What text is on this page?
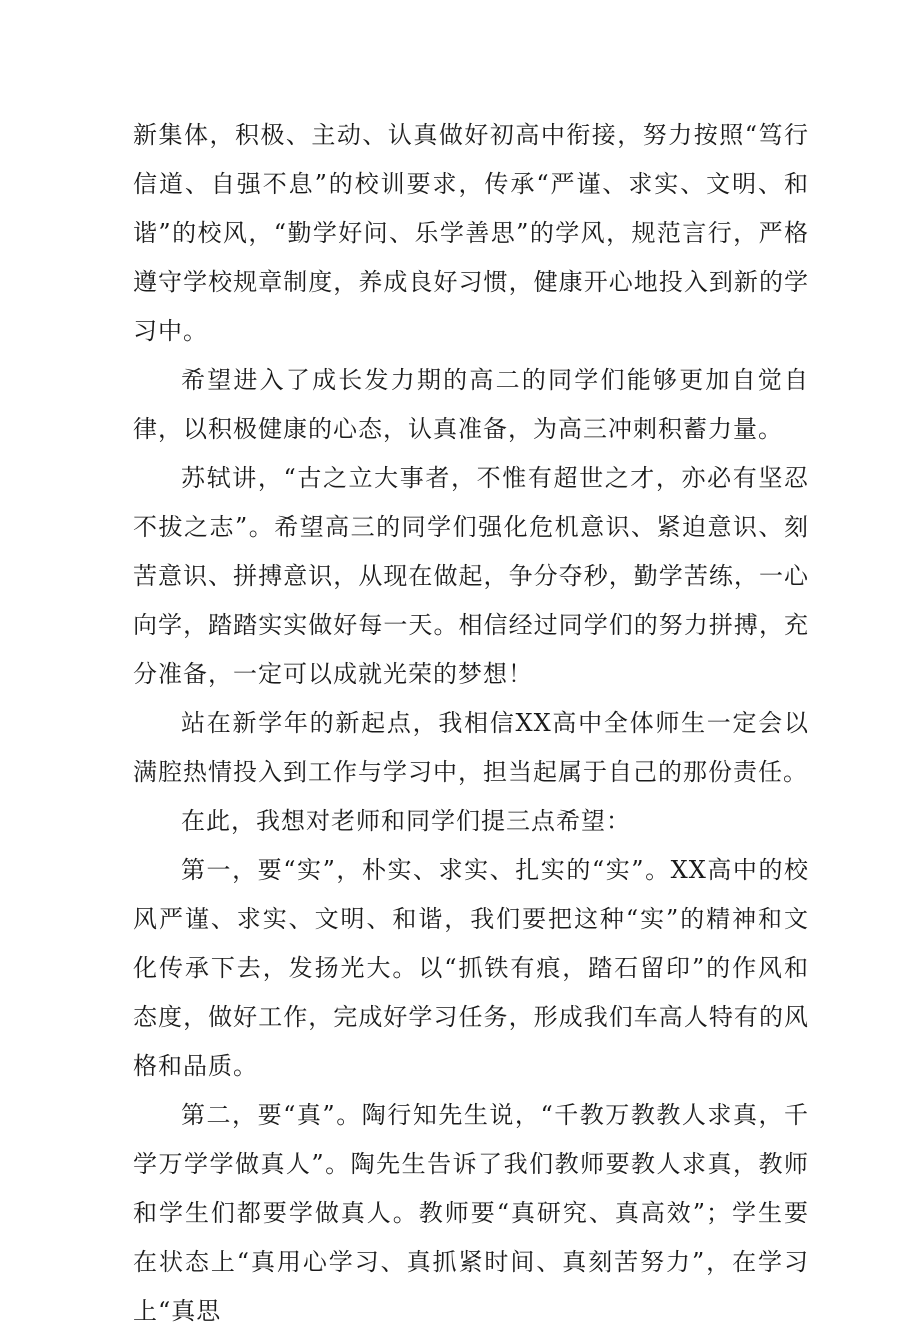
新集体，积极、主动、认真做好初高中衔接，努力按照“笃行信道、自强不息”的校训要求，传承“严谨、求实、文明、和谐”的校风，“勤学好问、乐学善思”的学风，规范言行，严格遵守学校规章制度，养成良好习惯，健康开心地投入到新的学习中。

希望进入了成长发力期的高二的同学们能够更加自觉自律，以积极健康的心态，认真准备，为高三冲刺积蓄力量。

苏轼讲，“古之立大事者，不惟有超世之才，亦必有坚忍不拔之志”。希望高三的同学们强化危机意识、紧迫意识、刻苦意识、拼搏意识，从现在做起，争分夺秒，勤学苦练，一心向学，踏踏实实做好每一天。相信经过同学们的努力拼搏，充分准备，一定可以成就光荣的梦想！

站在新学年的新起点，我相信XX高中全体师生一定会以满腔热情投入到工作与学习中，担当起属于自己的那份责任。

在此，我想对老师和同学们提三点希望：

第一，要“实”，朴实、求实、扎实的“实”。XX高中的校风严谨、求实、文明、和谐，我们要把这种“实”的精神和文化传承下去，发扬光大。以“抓铁有痕，踏石留印”的作风和态度，做好工作，完成好学习任务，形成我们车高人特有的风格和品质。

第二，要“真”。陶行知先生说，“千教万教教人求真，千学万学学做真人”。陶先生告诉了我们教师要教人求真，教师和学生们都要学做真人。教师要“真研究、真高效”；学生要在状态上“真用心学习、真抓紧时间、真刻苦努力”，在学习上“真思
